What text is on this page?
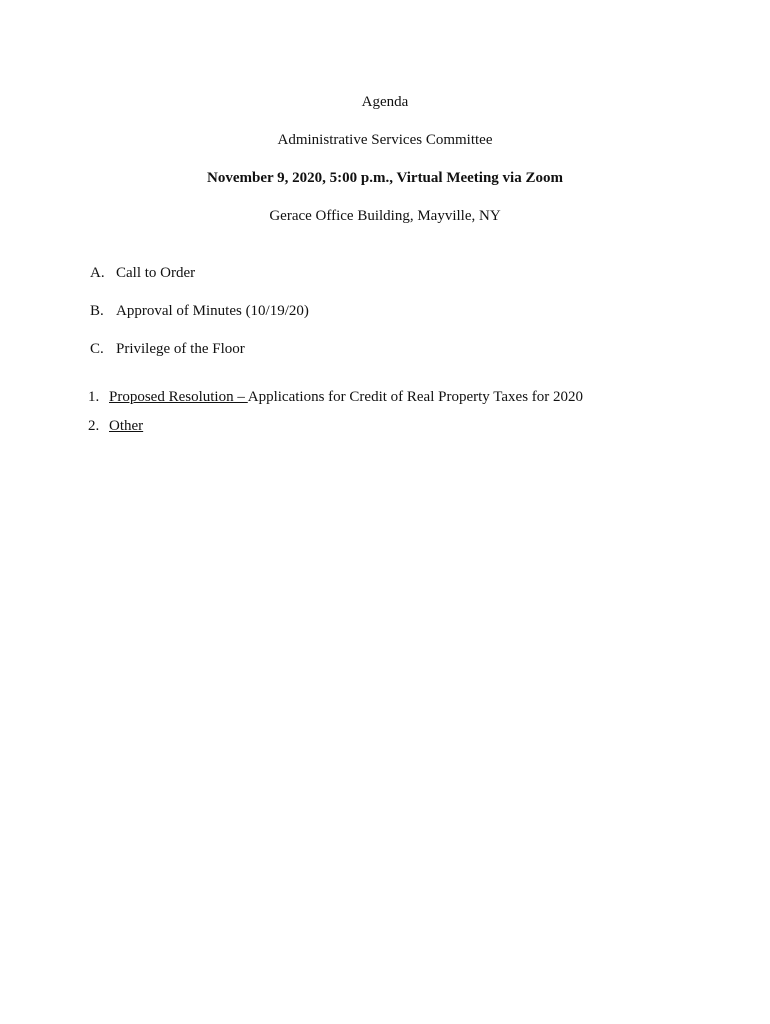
Agenda
Administrative Services Committee
November 9, 2020, 5:00 p.m., Virtual Meeting via Zoom
Gerace Office Building, Mayville, NY
A. Call to Order
B. Approval of Minutes (10/19/20)
C. Privilege of the Floor
1. Proposed Resolution – Applications for Credit of Real Property Taxes for 2020
2. Other
